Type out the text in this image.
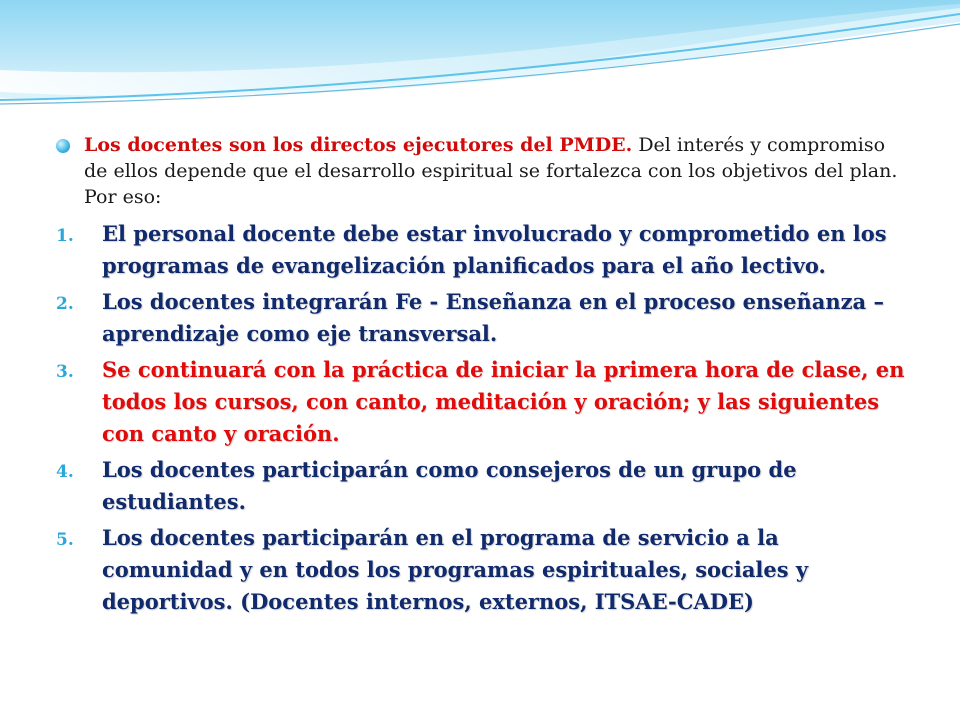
Los docentes son los directos ejecutores del PMDE. Del interés y compromiso de ellos depende que el desarrollo espiritual se fortalezca con los objetivos del plan. Por eso:
1. El personal docente debe estar involucrado y comprometido en los programas de evangelización planificados para el año lectivo.
2. Los docentes integrarán Fe - Enseñanza en el proceso enseñanza – aprendizaje como eje transversal.
3. Se continuará con la práctica de iniciar la primera hora de clase, en todos los cursos, con canto, meditación y oración; y las siguientes con canto y oración.
4. Los docentes participarán como consejeros de un grupo de estudiantes.
5. Los docentes participarán en el programa de servicio a la comunidad y en todos los programas espirituales, sociales y deportivos. (Docentes internos, externos, ITSAE-CADE)
